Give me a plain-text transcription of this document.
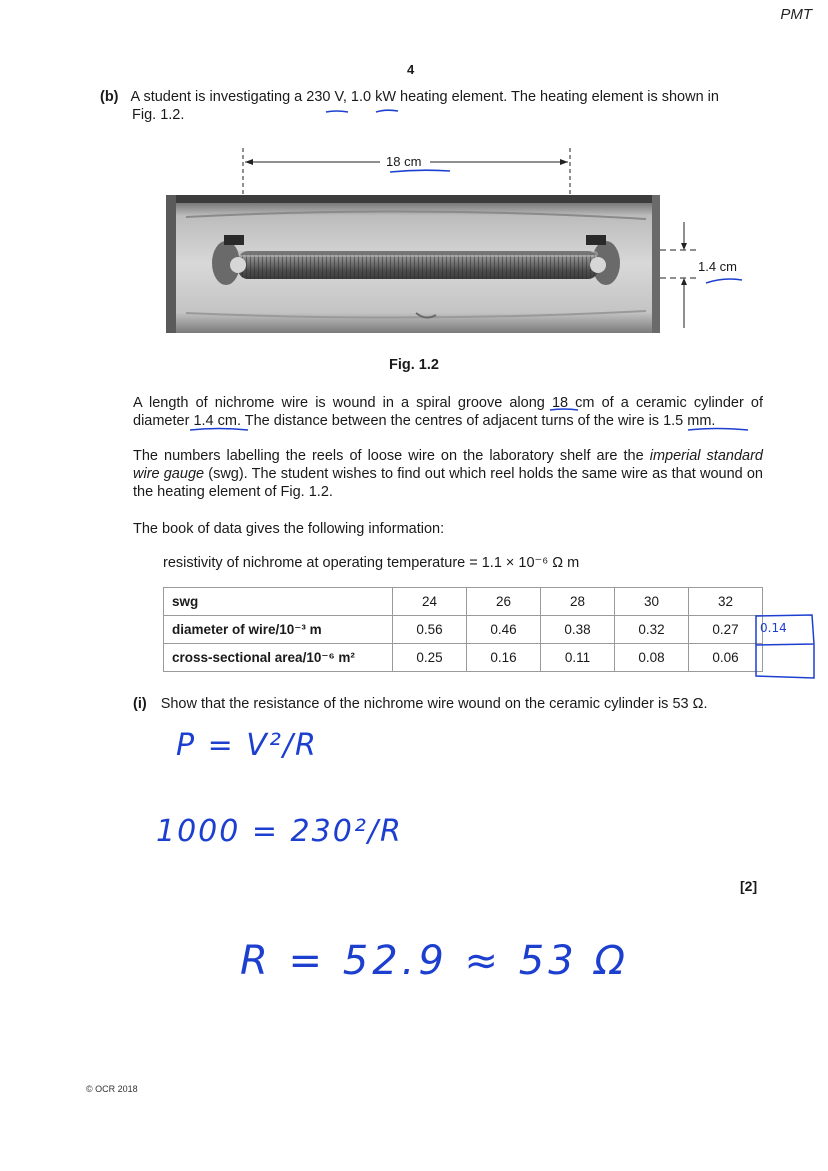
PMT
4
(b) A student is investigating a 230 V, 1.0 kW heating element. The heating element is shown in
Fig. 1.2.
18 cm
1.4 cm
Fig. 1.2
A length of nichrome wire is wound in a spiral groove along 18 cm of a ceramic cylinder of diameter 1.4 cm. The distance between the centres of adjacent turns of the wire is 1.5 mm.
The numbers labelling the reels of loose wire on the laboratory shelf are the imperial standard wire gauge (swg). The student wishes to find out which reel holds the same wire as that wound on the heating element of Fig. 1.2.
The book of data gives the following information:
resistivity of nichrome at operating temperature = 1.1 × 10⁻⁶ Ω m
swg	24	26	28	30	32
diameter of wire/10⁻³ m	0.56	0.46	0.38	0.32	0.27
cross-sectional area/10⁻⁶ m²	0.25	0.16	0.11	0.08	0.06
0.14
(i) Show that the resistance of the nichrome wire wound on the ceramic cylinder is 53 Ω.
P = V²/R
1000 = 230²/R
R = 52.9 ≈ 53 Ω
[2]
© OCR 2018
